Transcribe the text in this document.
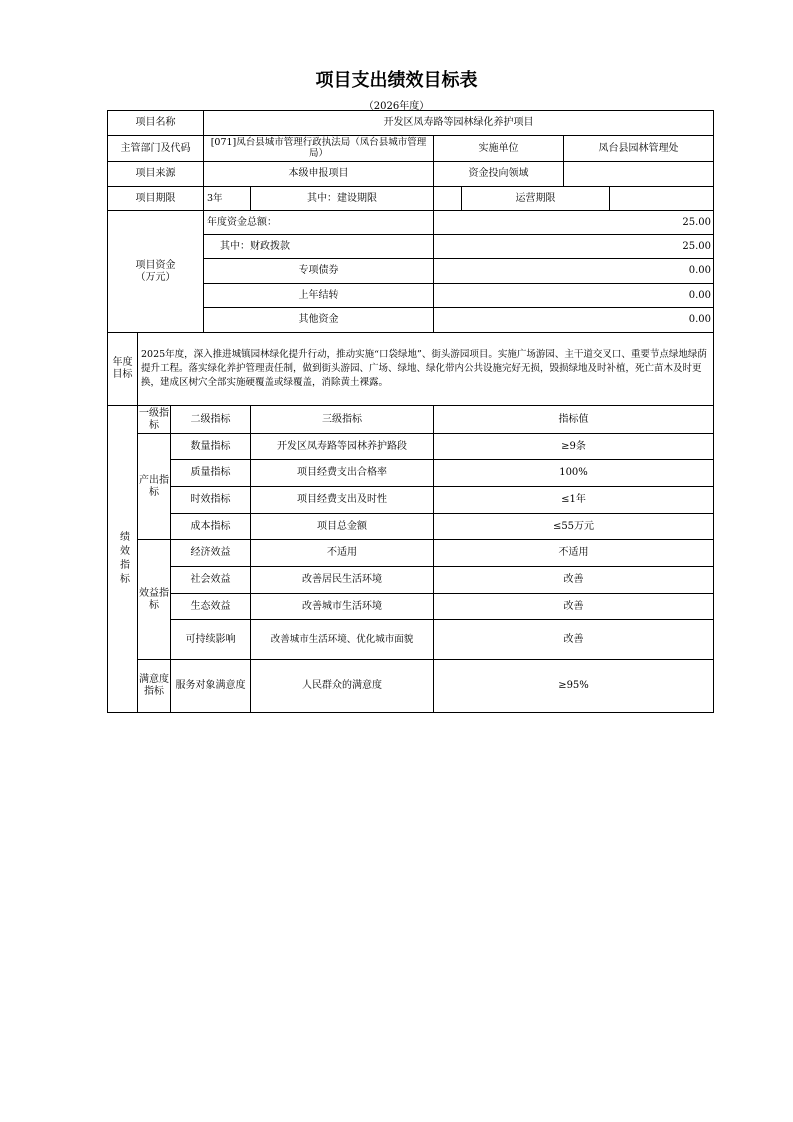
项目支出绩效目标表
（2026年度）
项目名称			开发区凤寿路等园林绿化养护项目					
主管部门及代码			[071]凤台县城市管理行政执法局（凤台县城市管理局）		实施单位		凤台县园林管理处	
项目来源			本级申报项目		资金投向领域			
项目期限			3年	其中：建设期限		运营期限		
项目资金
（万元）			年度资金总额：		25.00			
			其中：财政拨款		25.00			
			专项债券		0.00			
			上年结转		0.00			
			其他资金		0.00			
年度目标	2025年度，深入推进城镇园林绿化提升行动，推动实施“口袋绿地”、街头游园项目。实施广场游园、主干道交叉口、重要节点绿地绿荫提升工程。落实绿化养护管理责任制，做到街头游园、广场、绿地、绿化带内公共设施完好无损，毁损绿地及时补植，死亡苗木及时更换，建成区树穴全部实施硬覆盖或绿覆盖，消除黄土裸露。							
绩效指标	一级指标	二级指标		三级指标	指标值			
	产出指标	数量指标		开发区凤寿路等园林养护路段	≥9条			
		质量指标		项目经费支出合格率	100%			
		时效指标		项目经费支出及时性	≤1年			
		成本指标		项目总金额	≤55万元			
	效益指标	经济效益		不适用	不适用			
		社会效益		改善居民生活环境	改善			
		生态效益		改善城市生活环境	改善			
		可持续影响		改善城市生活环境、优化城市面貌	改善			
	满意度指标	服务对象满意度		人民群众的满意度	≥95%			
